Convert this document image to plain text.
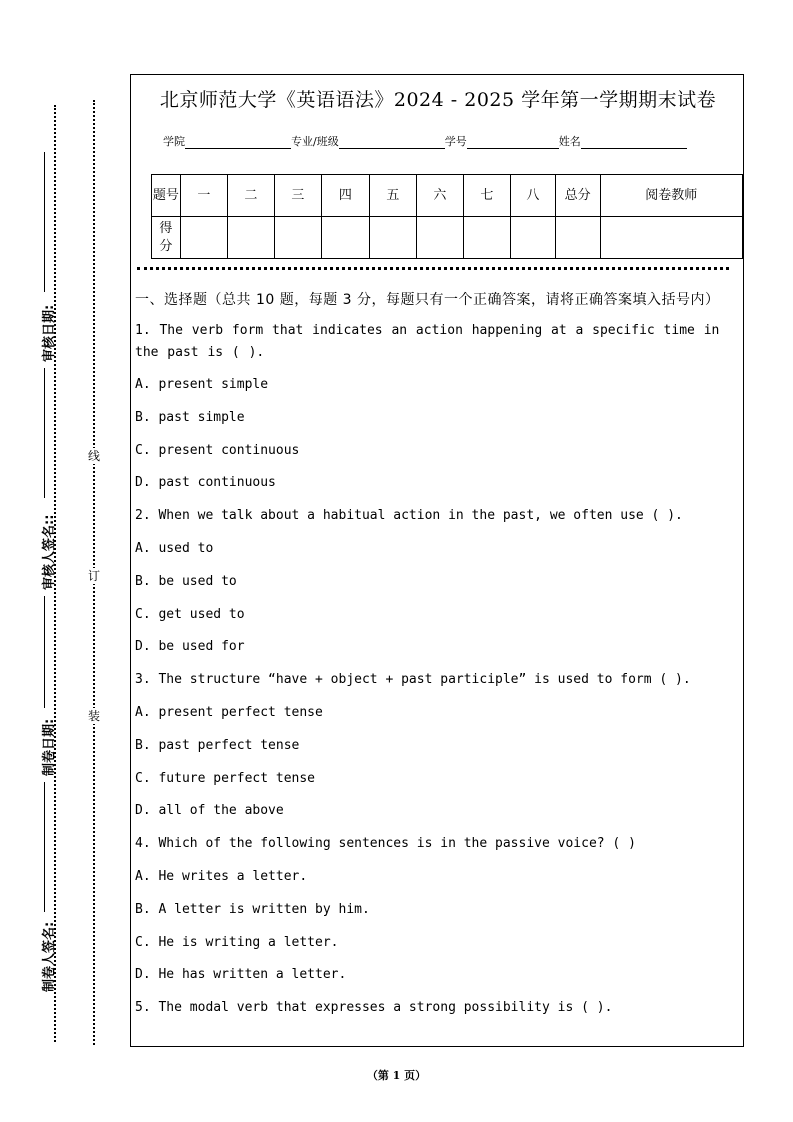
审核日期:
审核人签名::
制卷日期:
制卷人签名:
线
订
装
北京师范大学《英语语法》2024 - 2025 学年第一学期期末试卷
学院	专业/班级	学号	姓名
题号	一	二	三	四	五	六	七	八	总分	阅卷教师
得分										
一、选择题（总共 10 题，每题 3 分，每题只有一个正确答案，请将正确答案填入括号内）
1. The verb form that indicates an action happening at a specific time in the past is ( ).
A. present simple
B. past simple
C. present continuous
D. past continuous
2. When we talk about a habitual action in the past, we often use ( ).
A. used to
B. be used to
C. get used to
D. be used for
3. The structure “have + object + past participle” is used to form ( ).
A. present perfect tense
B. past perfect tense
C. future perfect tense
D. all of the above
4. Which of the following sentences is in the passive voice? ( )
A. He writes a letter.
B. A letter is written by him.
C. He is writing a letter.
D. He has written a letter.
5. The modal verb that expresses a strong possibility is ( ).
（第 1 页）
